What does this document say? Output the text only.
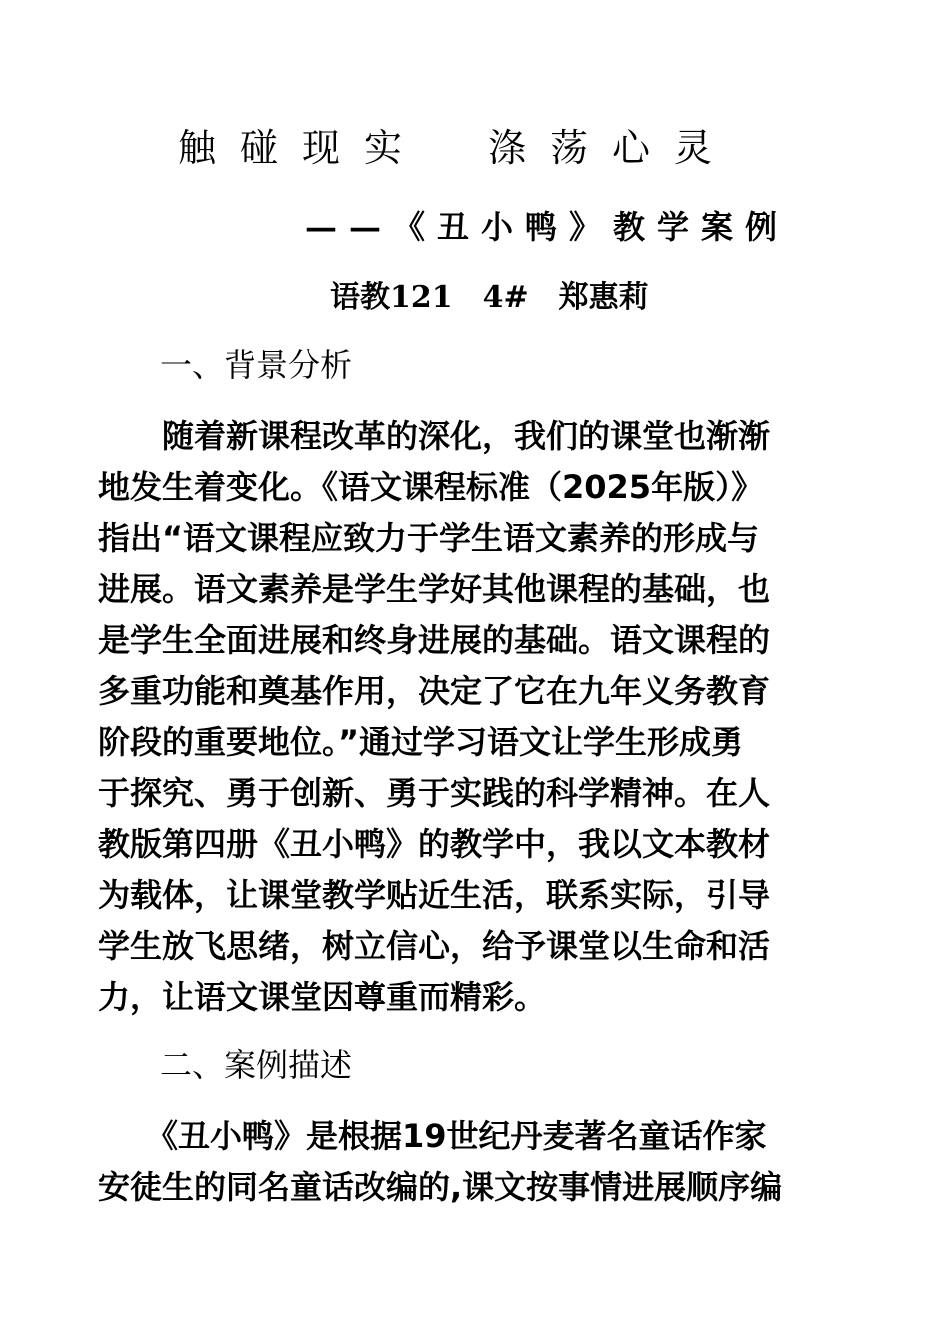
触碰现实　涤荡心灵
——《丑小鸭》教学案例
语教121　4#　郑惠莉
一、背景分析
　　随着新课程改革的深化，我们的课堂也渐渐
地发生着变化。《语文课程标准（2025年版）》
指出“语文课程应致力于学生语文素养的形成与
进展。语文素养是学生学好其他课程的基础，也
是学生全面进展和终身进展的基础。语文课程的
多重功能和奠基作用，决定了它在九年义务教育
阶段的重要地位。”通过学习语文让学生形成勇
于探究、勇于创新、勇于实践的科学精神。在人
教版第四册《丑小鸭》的教学中，我以文本教材
为载体，让课堂教学贴近生活，联系实际，引导
学生放飞思绪，树立信心，给予课堂以生命和活
力，让语文课堂因尊重而精彩。
二、案例描述
　　《丑小鸭》是根据19世纪丹麦著名童话作家
安徒生的同名童话改编的,课文按事情进展顺序编
